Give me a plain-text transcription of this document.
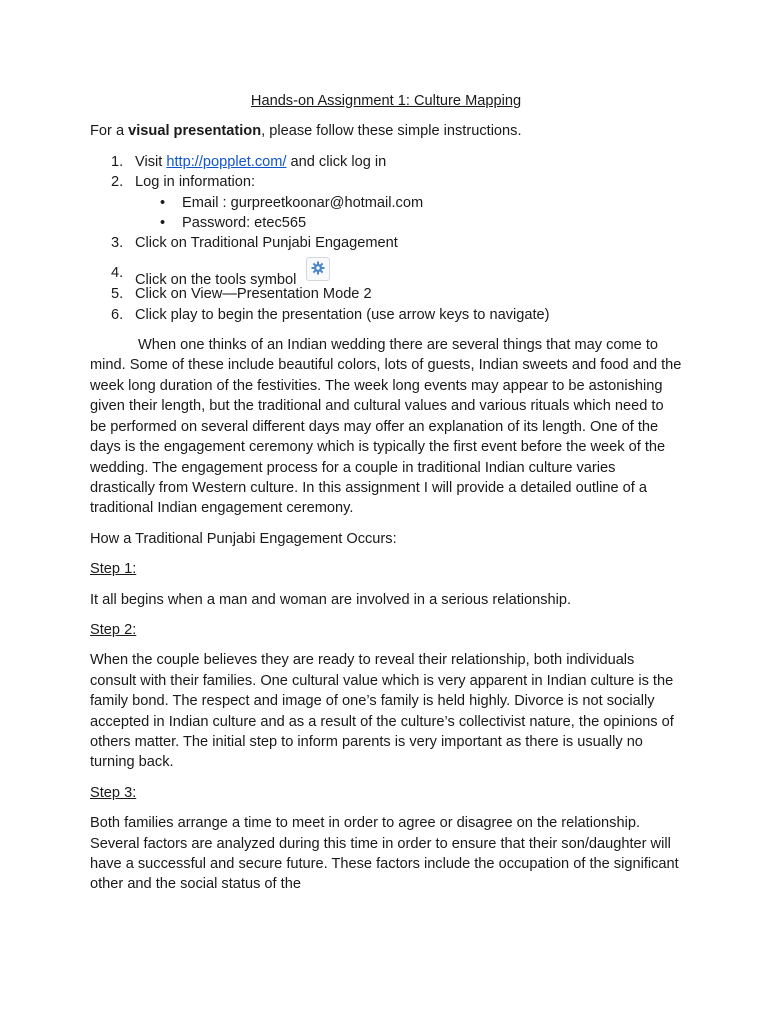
Hands-on Assignment 1: Culture Mapping
For a visual presentation, please follow these simple instructions.
1. Visit http://popplet.com/ and click log in
2. Log in information:
• Email : gurpreetkoonar@hotmail.com
• Password: etec565
3. Click on Traditional Punjabi Engagement
4. Click on the tools symbol
5. Click on View—Presentation Mode 2
6. Click play to begin the presentation (use arrow keys to navigate)

When one thinks of an Indian wedding there are several things that may come to mind. Some of these include beautiful colors, lots of guests, Indian sweets and food and the week long duration of the festivities. The week long events may appear to be astonishing given their length, but the traditional and cultural values and various rituals which need to be performed on several different days may offer an explanation of its length. One of the days is the engagement ceremony which is typically the first event before the week of the wedding. The engagement process for a couple in traditional Indian culture varies drastically from Western culture. In this assignment I will provide a detailed outline of a traditional Indian engagement ceremony.

How a Traditional Punjabi Engagement Occurs:

Step 1:

It all begins when a man and woman are involved in a serious relationship.

Step 2:

When the couple believes they are ready to reveal their relationship, both individuals consult with their families. One cultural value which is very apparent in Indian culture is the family bond. The respect and image of one’s family is held highly. Divorce is not socially accepted in Indian culture and as a result of the culture’s collectivist nature, the opinions of others matter. The initial step to inform parents is very important as there is usually no turning back.

Step 3:

Both families arrange a time to meet in order to agree or disagree on the relationship. Several factors are analyzed during this time in order to ensure that their son/daughter will have a successful and secure future. These factors include the occupation of the significant other and the social status of the
